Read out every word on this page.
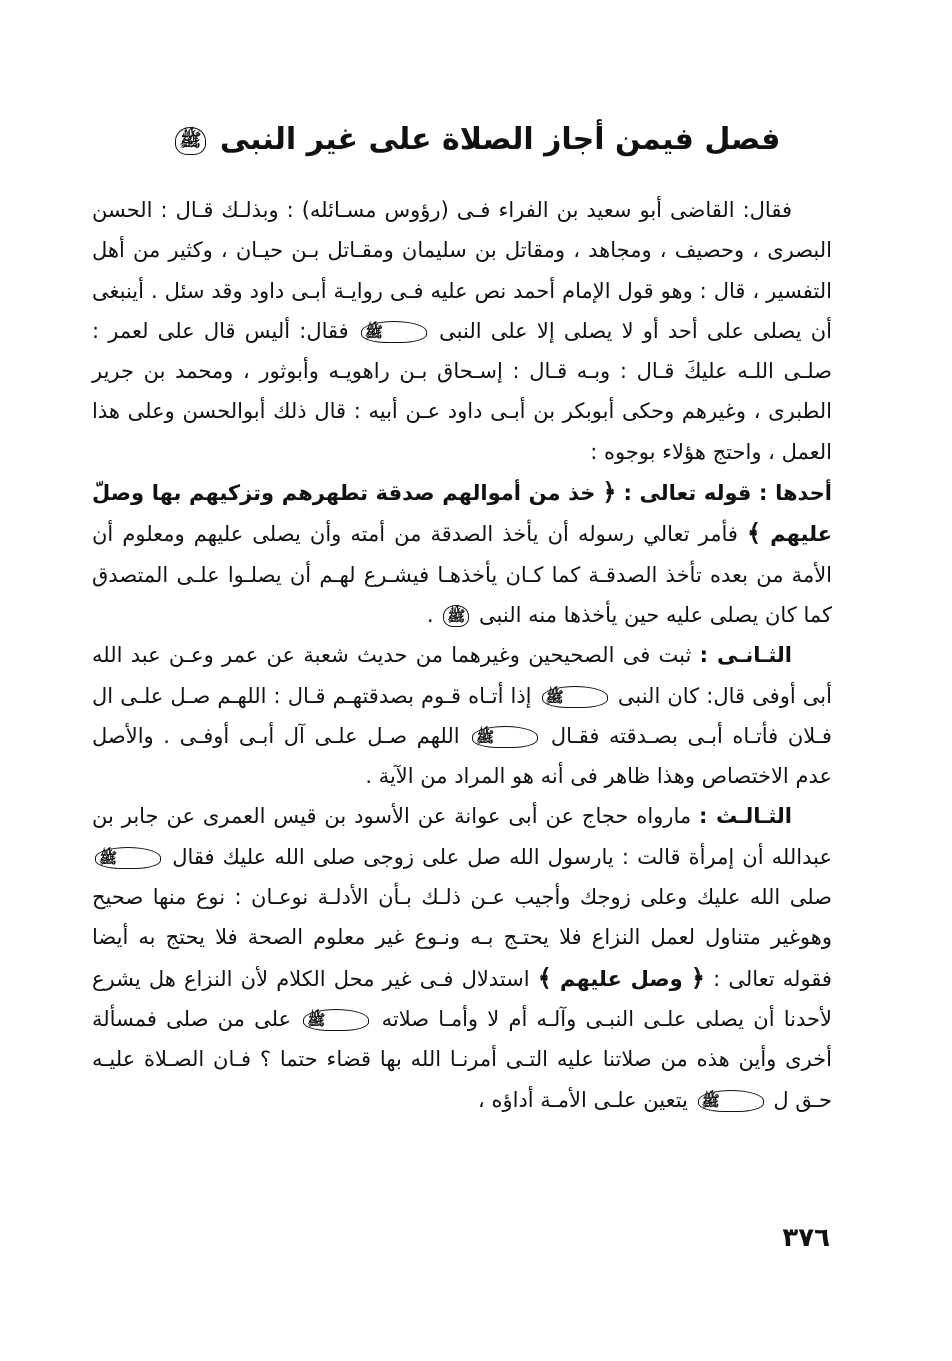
فصل فيمن أجاز الصلاة على غير النبى ﷺ

فقال: القاضى أبو سعيد بن الفراء فـى (رؤوس مسـائله) : وبذلـك قـال : الحسن البصرى ، وحصيف ، ومجاهد ، ومقاتل بن سليمان ومقـاتل بـن حيـان ، وكثير من أهل التفسير ، قال : وهو قول الإمام أحمد نص عليه فـى روايـة أبـى داود وقد سئل . أينبغى أن يصلى على أحد أو لا يصلى إلا على النبى ﷺ فقال: أليس قال على لعمر : صلـى اللـه عليكَ قـال : وبـه قـال : إسـحاق بـن راهويـه وأبوثور ، ومحمد بن جرير الطبرى ، وغيرهم وحكى أبوبكر بن أبـى داود عـن أبيه : قال ذلك أبوالحسن وعلى هذا العمل ، واحتج هؤلاء بوجوه :

أحدها : قوله تعالى : ﴿ خذ من أموالهم صدقة تطهرهم وتزكيهم بها وصلّ عليهم ﴾ فأمر تعالي رسوله أن يأخذ الصدقة من أمته وأن يصلى عليهم ومعلوم أن الأمة من بعده تأخذ الصدقـة كما كـان يأخذهـا فيشـرع لهـم أن يصلـوا علـى المتصدق كما كان يصلى عليه حين يأخذها منه النبى ﷺ .

الثـانـى : ثبت فى الصحيحين وغيرهما من حديث شعبة عن عمر وعـن عبد الله أبى أوفى قال: كان النبى ﷺ إذا أتـاه قـوم بصدقتهـم قـال : اللهـم صـل علـى ال فـلان فأتـاه أبـى بصـدقته فقـال ﷺ اللهم صـل علـى آل أبـى أوفـى . والأصل عدم الاختصاص وهذا ظاهر فى أنه هو المراد من الآية .

الثـالـث : مارواه حجاج عن أبى عوانة عن الأسود بن قيس العمرى عن جابر بن عبدالله أن إمرأة قالت : يارسول الله صل على زوجى صلى الله عليك فقال ﷺ صلى الله عليك وعلى زوجك وأجيب عـن ذلـك بـأن الأدلـة نوعـان : نوع منها صحيح وهوغير متناول لعمل النزاع فلا يحتـج بـه ونـوع غير معلوم الصحة فلا يحتج به أيضا فقوله تعالى : ﴿ وصل عليهم ﴾ استدلال فـى غير محل الكلام لأن النزاع هل يشرع لأحدنا أن يصلى علـى النبـى وآلـه أم لا وأمـا صلاته ﷺ على من صلى فمسألة أخرى وأين هذه من صلاتنا عليه التـى أمرنـا الله بها قضاء حتما ؟ فـان الصـلاة عليـه حـق ل ﷺ يتعين علـى الأمـة أداؤه ،

٣٧٦
